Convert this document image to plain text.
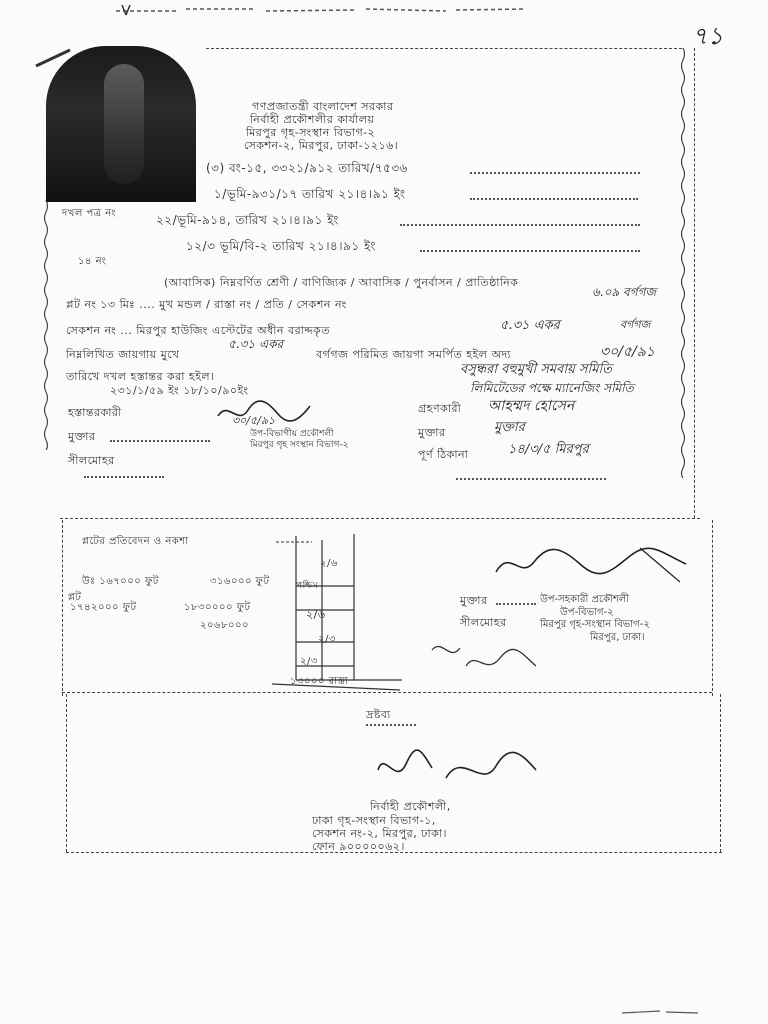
৭১
গণপ্রজাতন্ত্রী বাংলাদেশ সরকার
নির্বাহী প্রকৌশলীর কার্যালয়
মিরপুর গৃহ-সংস্থান বিভাগ-২
সেকশন-২, মিরপুর, ঢাকা-১২১৬।
(৩) বং-১৫, ৩৩২১/৯১২ তারিখ/৭৫৩৬
১/ভূমি-৯৩১/১৭ তারিখ ২১।৪।৯১ ইং
দখল পত্র নং	২২/ভূমি-৯১৪, তারিখ ২১।৪।৯১ ইং
১২/৩ ভূমি/বি-২ তারিখ ২১।৪।৯১ ইং
১৪ নং
(আবাসিক) নিম্নবর্ণিত শ্রেণী / বাণিজ্যিক / আবাসিক / পুনর্বাসন / প্রাতিষ্ঠানিক
প্লট নং ১৩ মিঃ .... মুখ মন্ডল / রাস্তা নং / প্রতি / সেকশন নং
৬.০৯ বর্গগজ
সেকশন নং ... মিরপুর হাউজিং এস্টেটের অধীন বরাদ্দকৃত	৫.৩১ একর	বর্গগজ
নিম্নলিখিত জায়গায় মুখে
৫.৩১ একর
বর্গগজ পরিমিত জায়গা সমর্পিত হইল অদ্য	৩০/৫/৯১
তারিখে দখল হস্তান্তর করা হইল।	বসুন্ধরা বহুমুখী সমবায় সমিতি
লিমিটেডের পক্ষে ম্যানেজিং সমিতি
২৩১/১/৫৯ ইং ১৮/১০/৯০ইং
হস্তান্তরকারী
৩০/৫/৯১
উপ-বিভাগীয় প্রকৌশলী
মিরপুর গৃহ সংস্থান বিভাগ-২
মুক্তার
সীলমোহর
গ্রহণকারী আহম্মদ হোসেন
মুক্তার	মুক্তার
পূর্ণ ঠিকানা	১৪/৩/৫ মিরপুর
প্লটের প্রতিবেদন ও নকশা
উঃ ১৬৭০০০ ফুট	৩১৬০০০ ফুট
প্লট
১৭৪২০০০ ফুট	১৮৩০০০০ ফুট
২০৬৮০০০
২/৬
২/৬
২/৩
২/৩
১৩০০০ রাস্তা
পশ্চিম
মুক্তার	উপ-সহকারী প্রকৌশলী
উপ-বিভাগ-২
সীলমোহর	মিরপুর গৃহ-সংস্থান বিভাগ-২
মিরপুর, ঢাকা।
দ্রষ্টব্য
নির্বাহী প্রকৌশলী,
ঢাকা গৃহ-সংস্থান বিভাগ-১,
সেকশন নং-২, মিরপুর, ঢাকা।
ফোন ৯০০০০০৬২।
